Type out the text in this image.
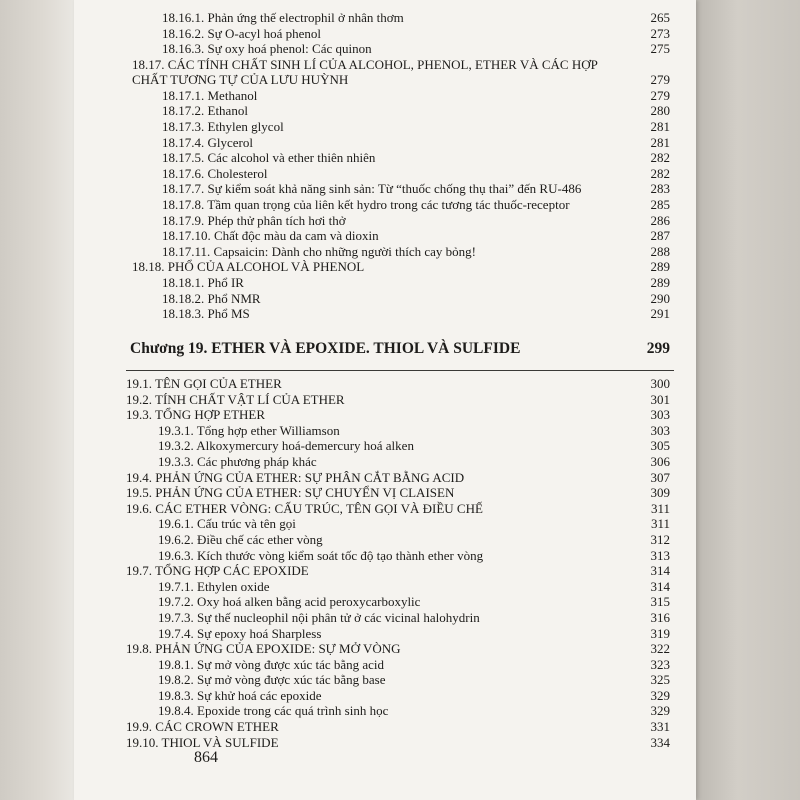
18.16.1. Phản ứng thế electrophil ở nhân thơm	265
18.16.2. Sự O-acyl hoá phenol	273
18.16.3. Sự oxy hoá phenol: Các quinon	275
18.17. CÁC TÍNH CHẤT SINH LÍ CỦA ALCOHOL, PHENOL, ETHER VÀ CÁC HỢP CHẤT TƯƠNG TỰ CỦA LƯU HUỲNH	279
18.17.1. Methanol	279
18.17.2. Ethanol	280
18.17.3. Ethylen glycol	281
18.17.4. Glycerol	281
18.17.5. Các alcohol và ether thiên nhiên	282
18.17.6. Cholesterol	282
18.17.7. Sự kiểm soát khả năng sinh sản: Từ “thuốc chống thụ thai” đến RU-486	283
18.17.8. Tầm quan trọng của liên kết hydro trong các tương tác thuốc-receptor	285
18.17.9. Phép thử phân tích hơi thở	286
18.17.10. Chất độc màu da cam và dioxin	287
18.17.11. Capsaicin: Dành cho những người thích cay bỏng!	288
18.18. PHỔ CỦA ALCOHOL VÀ PHENOL	289
18.18.1. Phổ IR	289
18.18.2. Phổ NMR	290
18.18.3. Phổ MS	291
Chương 19. ETHER VÀ EPOXIDE. THIOL VÀ SULFIDE	299
19.1. TÊN GỌI CỦA ETHER	300
19.2. TÍNH CHẤT VẬT LÍ CỦA ETHER	301
19.3. TỔNG HỢP ETHER	303
19.3.1. Tổng hợp ether Williamson	303
19.3.2. Alkoxymercury hoá-demercury hoá alken	305
19.3.3. Các phương pháp khác	306
19.4. PHẢN ỨNG CỦA ETHER: SỰ PHÂN CẮT BẰNG ACID	307
19.5. PHẢN ỨNG CỦA ETHER: SỰ CHUYỂN VỊ CLAISEN	309
19.6. CÁC ETHER VÒNG: CẤU TRÚC, TÊN GỌI VÀ ĐIỀU CHẾ	311
19.6.1. Cấu trúc và tên gọi	311
19.6.2. Điều chế các ether vòng	312
19.6.3. Kích thước vòng kiểm soát tốc độ tạo thành ether vòng	313
19.7. TỔNG HỢP CÁC EPOXIDE	314
19.7.1. Ethylen oxide	314
19.7.2. Oxy hoá alken bằng acid peroxycarboxylic	315
19.7.3. Sự thế nucleophil nội phân tử ở các vicinal halohydrin	316
19.7.4. Sự epoxy hoá Sharpless	319
19.8. PHẢN ỨNG CỦA EPOXIDE: SỰ MỞ VÒNG	322
19.8.1. Sự mở vòng được xúc tác bằng acid	323
19.8.2. Sự mở vòng được xúc tác bằng base	325
19.8.3. Sự khử hoá các epoxide	329
19.8.4. Epoxide trong các quá trình sinh học	329
19.9. CÁC CROWN ETHER	331
19.10. THIOL VÀ SULFIDE	334
864
